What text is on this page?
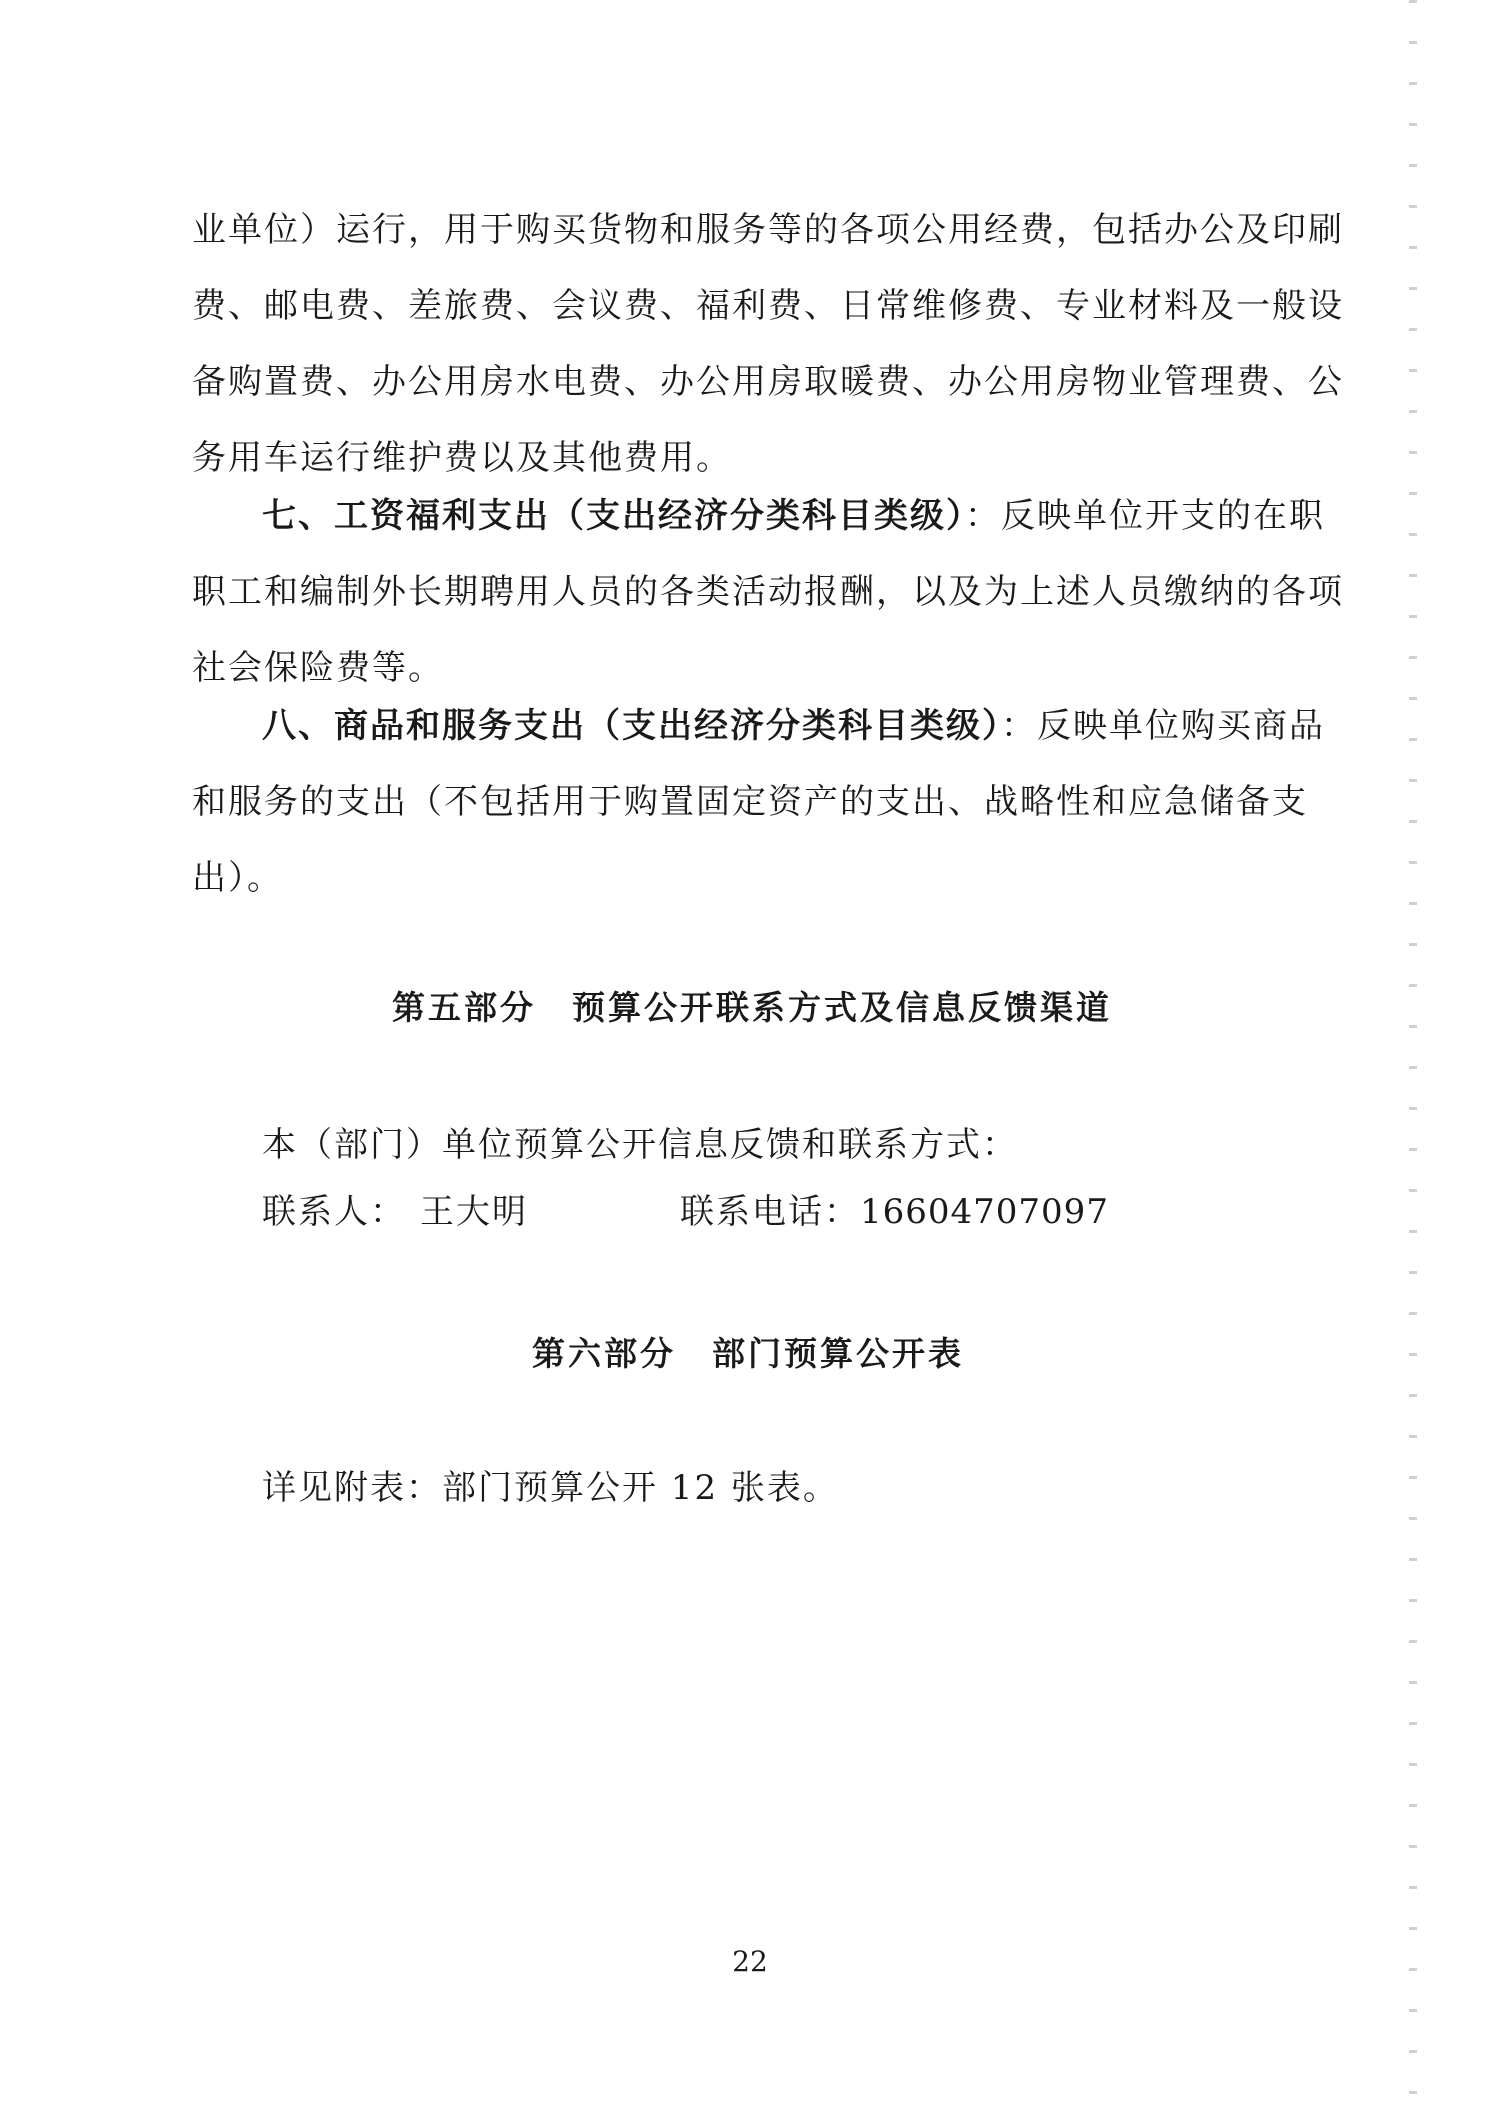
业单位）运行，用于购买货物和服务等的各项公用经费，包括办公及印刷
费、邮电费、差旅费、会议费、福利费、日常维修费、专业材料及一般设
备购置费、办公用房水电费、办公用房取暖费、办公用房物业管理费、公
务用车运行维护费以及其他费用。
七、工资福利支出（支出经济分类科目类级）：反映单位开支的在职
职工和编制外长期聘用人员的各类活动报酬，以及为上述人员缴纳的各项
社会保险费等。
八、商品和服务支出（支出经济分类科目类级）：反映单位购买商品
和服务的支出（不包括用于购置固定资产的支出、战略性和应急储备支
出）。
第五部分　预算公开联系方式及信息反馈渠道
本（部门）单位预算公开信息反馈和联系方式：
联系人： 王大明	联系电话：16604707097
第六部分　部门预算公开表
详见附表：部门预算公开 12 张表。
22
